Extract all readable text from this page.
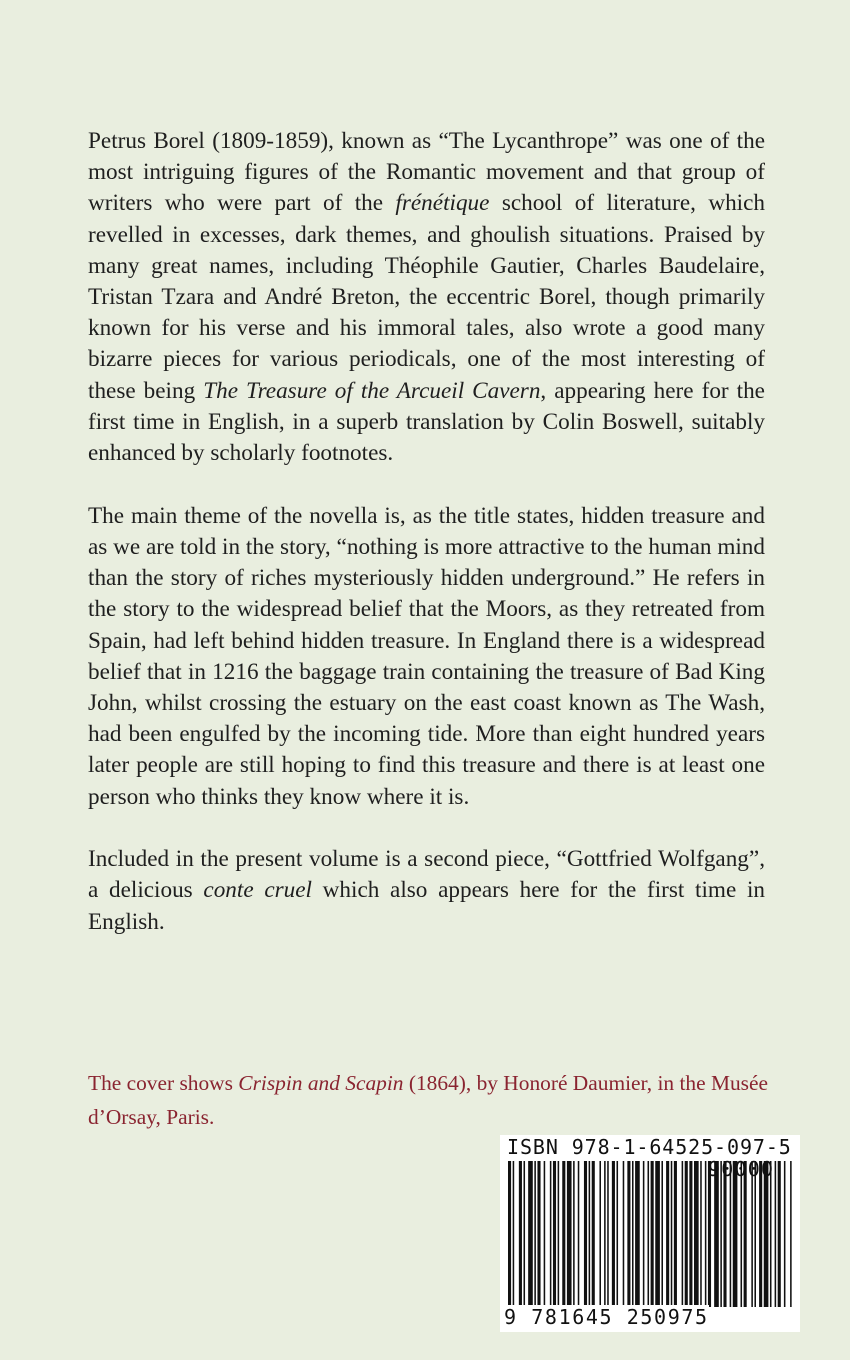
Petrus Borel (1809-1859), known as “The Lycanthrope” was one of the most intriguing figures of the Romantic movement and that group of writers who were part of the frénétique school of literature, which revelled in excesses, dark themes, and ghoulish situations. Praised by many great names, including Théophile Gautier, Charles Baudelaire, Tristan Tzara and André Breton, the eccentric Borel, though primarily known for his verse and his immoral tales, also wrote a good many bizarre pieces for various periodicals, one of the most interesting of these being The Treasure of the Arcueil Cavern, appearing here for the first time in English, in a superb translation by Colin Boswell, suitably enhanced by scholarly footnotes.

The main theme of the novella is, as the title states, hidden treasure and as we are told in the story, “nothing is more attractive to the human mind than the story of riches mysteriously hidden underground.” He refers in the story to the widespread belief that the Moors, as they retreated from Spain, had left behind hidden treasure. In England there is a widespread belief that in 1216 the baggage train containing the treasure of Bad King John, whilst crossing the estuary on the east coast known as The Wash, had been engulfed by the incoming tide. More than eight hundred years later people are still hoping to find this treasure and there is at least one person who thinks they know where it is.

Included in the present volume is a second piece, “Gottfried Wolfgang”, a delicious conte cruel which also appears here for the first time in English.

The cover shows Crispin and Scapin (1864), by Honoré Daumier, in the Musée d’Orsay, Paris.

ISBN 978-1-64525-097-5
90000
9 781645 250975
